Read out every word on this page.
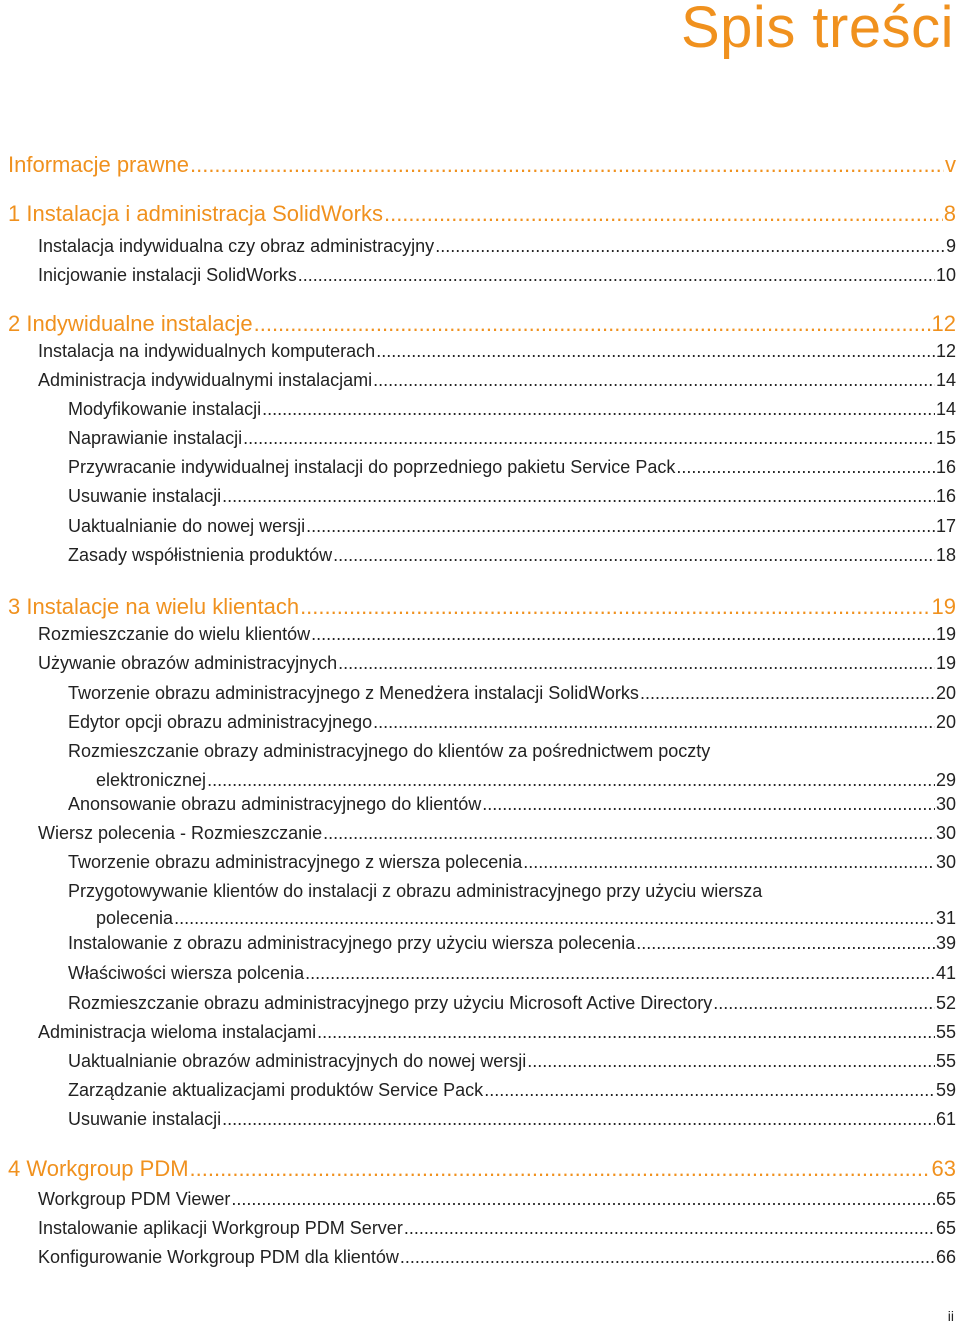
Spis treści
Informacje prawne .....	v
1 Instalacja i administracja SolidWorks .....	8
Instalacja indywidualna czy obraz administracyjny .....	9
Inicjowanie instalacji SolidWorks .....	10
2 Indywidualne instalacje .....	12
Instalacja na indywidualnych komputerach .....	12
Administracja indywidualnymi instalacjami .....	14
Modyfikowanie instalacji .....	14
Naprawianie instalacji .....	15
Przywracanie indywidualnej instalacji do poprzedniego pakietu Service Pack .....	16
Usuwanie instalacji .....	16
Uaktualnianie do nowej wersji .....	17
Zasady współistnienia produktów .....	18
3 Instalacje na wielu klientach .....	19
Rozmieszczanie do wielu klientów .....	19
Używanie obrazów administracyjnych .....	19
Tworzenie obrazu administracyjnego z Menedżera instalacji SolidWorks .....	20
Edytor opcji obrazu administracyjnego .....	20
Rozmieszczanie obrazy administracyjnego do klientów za pośrednictwem poczty
elektronicznej .....	29
Anonsowanie obrazu administracyjnego do klientów .....	30
Wiersz polecenia - Rozmieszczanie .....	30
Tworzenie obrazu administracyjnego z wiersza polecenia .....	30
Przygotowywanie klientów do instalacji z obrazu administracyjnego przy użyciu wiersza
polecenia .....	31
Instalowanie z obrazu administracyjnego przy użyciu wiersza polecenia .....	39
Właściwości wiersza polcenia .....	41
Rozmieszczanie obrazu administracyjnego przy użyciu Microsoft Active Directory .....	52
Administracja wieloma instalacjami .....	55
Uaktualnianie obrazów administracyjnych do nowej wersji .....	55
Zarządzanie aktualizacjami produktów Service Pack .....	59
Usuwanie instalacji .....	61
4 Workgroup PDM .....	63
Workgroup PDM Viewer .....	65
Instalowanie aplikacji Workgroup PDM Server .....	65
Konfigurowanie Workgroup PDM dla klientów .....	66
ii
